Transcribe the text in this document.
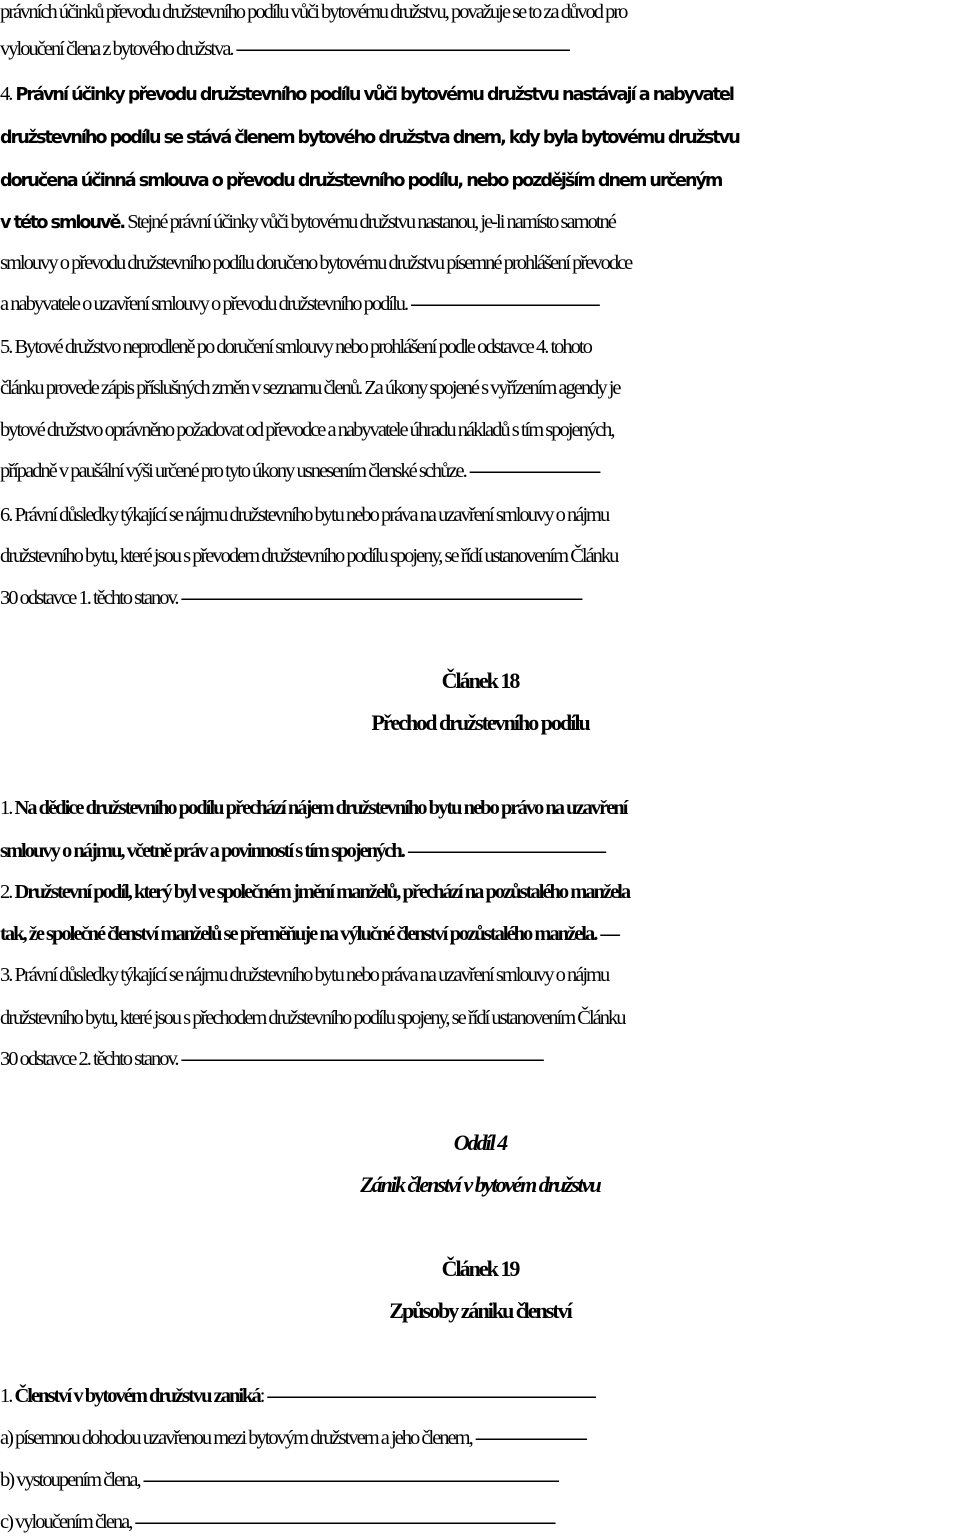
právních účinků převodu družstevního podílu vůči bytovému družstvu, považuje se to za důvod pro
vyloučení člena z bytového družstva. ---------------------------------------------------------------------
4. Právní účinky převodu družstevního podílu vůči bytovému družstvu nastávají a nabyvatel
družstevního podílu se stává členem bytového družstva dnem, kdy byla bytovému družstvu
doručena účinná smlouva o převodu družstevního podílu, nebo pozdějším dnem určeným
v této smlouvě. Stejné právní účinky vůči bytovému družstvu nastanou, je-li namísto samotné
smlouvy o převodu družstevního podílu doručeno bytovému družstvu písemné prohlášení převodce
a nabyvatele o uzavření smlouvy o převodu družstevního podílu. ---------------------------------------
5. Bytové družstvo neprodleně po doručení smlouvy nebo prohlášení podle odstavce 4. tohoto
článku provede zápis příslušných změn v seznamu členů. Za úkony spojené s vyřízením agendy je
bytové družstvo oprávněno požadovat od převodce a nabyvatele úhradu nákladů s tím spojených,
případně v paušální výši určené pro tyto úkony usnesením členské schůze. ---------------------------
6. Právní důsledky týkající se nájmu družstevního bytu nebo práva na uzavření smlouvy o nájmu
družstevního bytu, které jsou s převodem družstevního podílu spojeny, se řídí ustanovením Článku
30 odstavce 1. těchto stanov. -----------------------------------------------------------------------------------
Článek 18
Přechod družstevního podílu
1. Na dědice družstevního podílu přechází nájem družstevního bytu nebo právo na uzavření
smlouvy o nájmu, včetně práv a povinností s tím spojených. -----------------------------------------
2. Družstevní podíl, který byl ve společném jmění manželů, přechází na pozůstalého manžela
tak, že společné členství manželů se přeměňuje na výlučné členství pozůstalého manžela. ----
3. Právní důsledky týkající se nájmu družstevního bytu nebo práva na uzavření smlouvy o nájmu
družstevního bytu, které jsou s přechodem družstevního podílu spojeny, se řídí ustanovením Článku
30 odstavce 2. těchto stanov. ---------------------------------------------------------------------------
Oddíl 4
Zánik členství v bytovém družstvu
Článek 19
Způsoby zániku členství
1. Členství v bytovém družstvu zaniká: --------------------------------------------------------------------
a) písemnou dohodou uzavřenou mezi bytovým družstvem a jeho členem, -----------------------
b) vystoupením člena, --------------------------------------------------------------------------------------
c) vyloučením člena, ---------------------------------------------------------------------------------------
